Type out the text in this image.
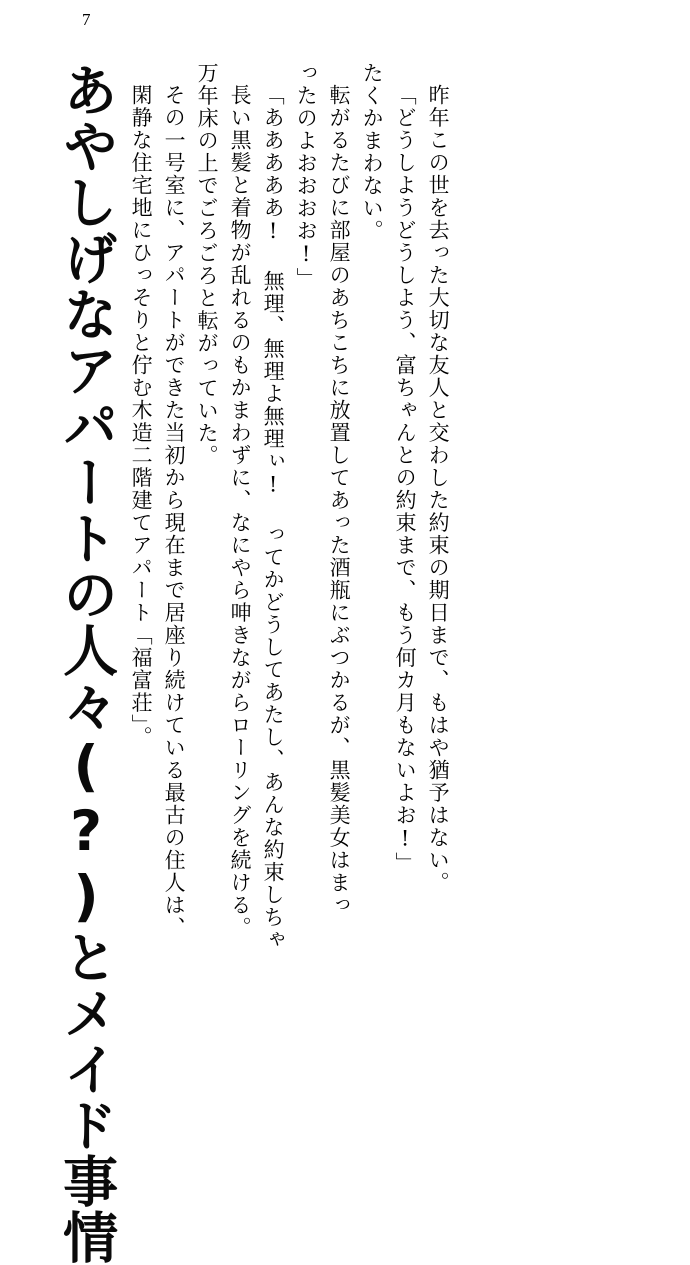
7
あやしげなアパートの人々(?)とメイド事情 閑静な住宅地にひっそりと佇む木造二階建てアパート「福富荘」。 その一号室に、アパートができた当初から現在まで居座り続けている最古の住人は、 万年床の上でごろごろと転がっていた。 長い黒髪と着物が乱れるのもかまわずに、なにやら呻きながらローリングを続ける。 「あああああ! 無理、無理よ無理ぃ! ってかどうしてあたし、あんな約束しちゃ ったのよおおおお!」 転がるたびに部屋のあちこちに放置してあった酒瓶にぶつかるが、黒髪美女はまっ たくかまわない。 「どうしようどうしよう、富ちゃんとの約束まで、もう何カ月もないよお!」 昨年この世を去った大切な友人と交わした約束の期日まで、もはや猶予はない。
